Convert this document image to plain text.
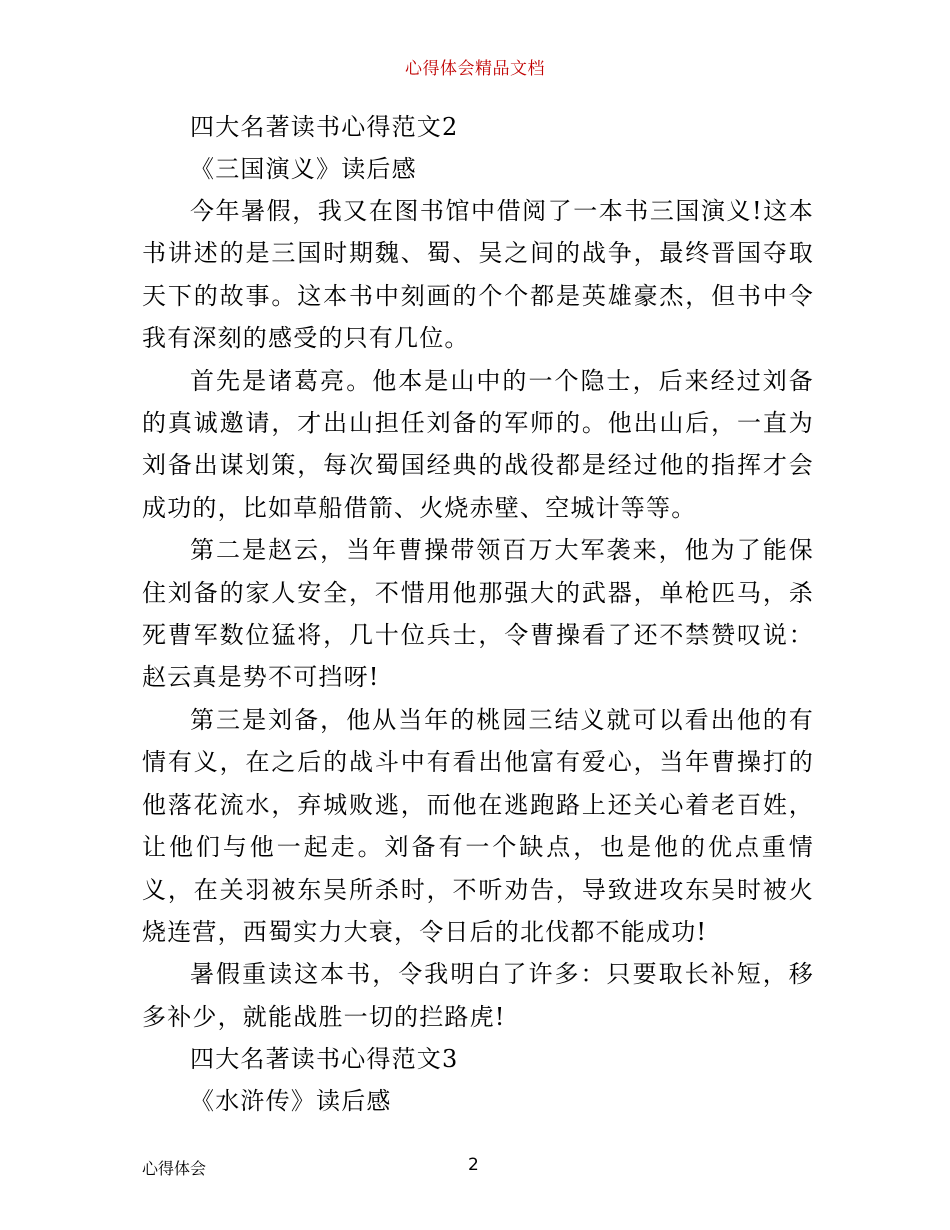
心得体会精品文档
四大名著读书心得范文2
《三国演义》读后感
今年暑假，我又在图书馆中借阅了一本书三国演义!这本书讲述的是三国时期魏、蜀、吴之间的战争，最终晋国夺取天下的故事。这本书中刻画的个个都是英雄豪杰，但书中令我有深刻的感受的只有几位。
首先是诸葛亮。他本是山中的一个隐士，后来经过刘备的真诚邀请，才出山担任刘备的军师的。他出山后，一直为刘备出谋划策，每次蜀国经典的战役都是经过他的指挥才会成功的，比如草船借箭、火烧赤壁、空城计等等。
第二是赵云，当年曹操带领百万大军袭来，他为了能保住刘备的家人安全，不惜用他那强大的武器，单枪匹马，杀死曹军数位猛将，几十位兵士，令曹操看了还不禁赞叹说：赵云真是势不可挡呀!
第三是刘备，他从当年的桃园三结义就可以看出他的有情有义，在之后的战斗中有看出他富有爱心，当年曹操打的他落花流水，弃城败逃，而他在逃跑路上还关心着老百姓，让他们与他一起走。刘备有一个缺点，也是他的优点重情义，在关羽被东吴所杀时，不听劝告，导致进攻东吴时被火烧连营，西蜀实力大衰，令日后的北伐都不能成功!
暑假重读这本书，令我明白了许多：只要取长补短，移多补少，就能战胜一切的拦路虎!
四大名著读书心得范文3
《水浒传》读后感
心得体会	2
